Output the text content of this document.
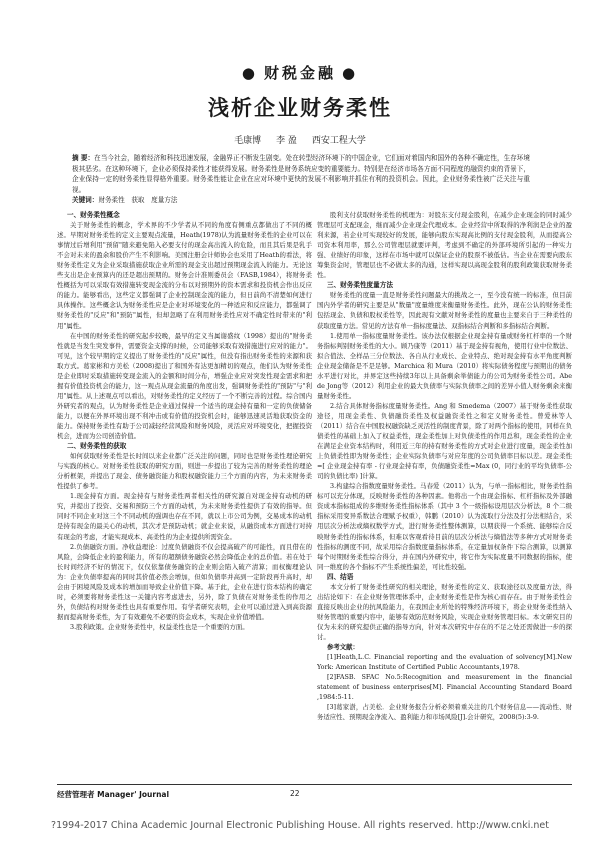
● 财税金融 ●
浅析企业财务柔性
毛康博 李 盈 西安工程大学
摘 要：在当今社会，随着经济和科技迅速发展，金融界正不断发生剧变。处在转型经济环境下的中国企业，它们面对着国内和国外的各种不确定性，生存环境极其恶劣。在这种环境下，企业必须保持柔性才能获得发展。财务柔性是财务系统应变的重要能力。特别是在经济市场各方面不同程度的融资约束的背景下，企业保持一定的财务柔性显得格外重要。财务柔性能让企业在应对环境中更快的发展不利影响并抓住有利的投资机会。因此，企业财务柔性被广泛关注与重视。
关键词：财务柔性　获取　度量方法

一、财务柔性概念

关于财务柔性的概念，学术界的不少学者从不同的角度有侧重点都做出了不同的概述。早期对财务柔性的定义主要观点流量，Heath(1978)认为流量财务柔性的企业可以在事情过后增利用"预留"随来避免陷入必要支付的现金高出流入的危险，而且其后果是乳手不会对未来的盈余和股价产生不利影响。美国注册会计师协会也采用了Heath的看法，将财务柔性定义为企业采取措施获取企业所需的现金支出超过预期现金流入的能力。无论这些支出是企业预算内的还是超出预期的。财务会计准则委员会（FASB,1984），将财务柔性概括为可以采取有效措施转变现金流的分布以对预期外的资本需求和投资机会作出反应的能力。能够看出，这些定义都强调了企业控制现金流的能力，但日前尚不清楚如何进行具体操作。这些概念认为财务柔性应是企业对环境变化的一种适应和反应能力，都强调了财务柔性的"反应"和"预防"属性，但却忽略了在利用财务柔性应对不确定性时带来的"利用"属性。

在中国的财务柔性的研究起步较晚，最早的定义当属谢盛纹（1998）提出的"财务柔性就是当发生突发事件，需要资金支撑的时候，公司能够采取有效措施进行应对的能力"。可见，这个较早期的定义提出了财务柔性的"反应"属性，但没有指出财务柔性的来源和获取方式。葛家彬和方美松（2008)提出了和国外有达更加精切的观点，他们认为财务柔性是企业即时采取措施转变现金流入的金额和时间分布，增强企业应对突发性现金需求和把握有价值投资机会的能力，这一观点从现金流量的角度出发，强调财务柔性的"预防"与"利用"属性。从上述观点可以看出，对财务柔性的定义经历了一个不断完善的过程。综合国内外研究者的观点，认为财务柔性是企业通过保持一个适当的现金持有量和一定的负债储备能力，以便在外界环境出现不利冲击或有价值的投资机会时，能够迅速灵活地获取资金的能力。保持财务柔性有助于公司减轻经营风险和财务风险，灵活应对环境变化，把握投资机会，进而为公司创造价值。

二、财务柔性的获取

如何获取财务柔性是长时间以来企业都广泛关注的问题，同时也是财务柔性理论研究与实践的核心。对财务柔性获取的研究方面，则进一步提出了较为完善的财务柔性的理论分析框架，并提出了现金、债务融资能力和股权融资能力三个方面的内容，为未来财务柔性提供了参考。

1.现金持有方面。现金持有与财务柔性两者相关性的研究源自对现金持有动机的研究，并提出了投资、交易和预防三个方面的动机，为未来财务柔性提供了有效的指导。但同时不同企业对这三个不同动机的强调也存在不同，就以上市公司为例，交易成本的动机是持有现金的最关心的动机，其次才是预防动机；就企业来说，从融资成本方面进行对持有现金的考虑，才能实现成本、高柔性的为企业提供所需资金。

2.负债融资方面。净收益理论：过度负债融资不仅会提高破产的可能性，而且借在的风险，会降低企业的盈利能力，所有的超额债务融资必然会降低企业的总价值。若在处于长时间经济不好的情况下，仅仅依靠债务融资的企业则会陷入破产清算；而权衡理论认为：企业负债率提高的同时其价值必然会增加，但如负债率并高到一定阶段再升高时，却会由于困境风险及成本的增加而导致企业价值下降。基于此，企业在进行资本结构的确定时，必须要将财务柔性这一关键内容考虑进去，另外，除了负债在对财务柔性的作用之外，负债结构对财务柔性也具有重要作用。有学者研究表明，企业可以通过进入到高资源据而提高财务柔性，为了有效避免不必要的资金成本，实现企业价值增值。

3.股利政策。企业财务柔性中，权益柔性也是一个重要的方面。

股利支付获取财务柔性的机理为：对股东支付现金股利，在减少企业现金的同时减少管理层可支配现金，继而减少企业现金代理成本。企业经营中所取得的净利润是企业的盈利来源，若企业可实现较好的发展，能够向股东实现高比例的支付现金股利，从而提高公司资本利用率，那么公司管理层就要评判，考虑到不确定的外部环境所引起的一种实力强、业绩好的印象，这样在市场中就可以保证企业的股票不被低估。当企业在需要向股东筹集资金时，管理层也不必做太多的沟通，这样实现以高现金股利的股利政策获取财务柔性。

三、财务柔性度量方法

财务柔性的度量一直是财务柔性问题最大的挑战之一，至今没有统一的标准，但目前国内外学者的研究主要是从"数量"度量维度来衡量财务柔性。此外，现在公认的财务柔性包括现金、负债和股权柔性等，因此现有文献对财务柔性的度量也主要来自于三种柔性的获取度量方法。常见的方法有单一指标度量法、双指标结合判断和多指标结合判断。

1.使用单一指标度量财务柔性。该办法仅根据企业现金持有量或财务杠杆率的一个财务指标判别财务柔性的大小。顾乃康等（2011）基于现金持有视角，使用行业中位数法、拟合值法、全样品三分位数法、各自从行业成长、企业特点、绝对现金持有水平角度判断企业现金储备是不是足够。Marchica 和 Mura（2010）将实际债务程度与预期出的债务水平进行对比，并界定这些持续3年以上具备剩余举债能力的公司为财务柔性公司。Abe de Jong等（2012）利用企业的最大负债率与实际负债率之间的差异小值人财务剩余来衡量财务柔性。

2.结合具体财务指标度量财务柔性。Ang 和 Smedema（2007）基于财务柔性获取途径，用现金柔性、负债融资柔性及权益融资柔性之和定义财务柔性。曾爱林等人（2011）结合在中国股权融资缺乏灵活性的制度背景，除了对两个指标的使用，同样在负债柔性的基础上加入了权益柔性，现金柔性加上对负债柔性的作用总和，现金柔性的企业在满足企业资本结构时，利用近三年的持有财务柔性的方式对企业进行度量，现金柔性加上负债柔性即为财务柔性；企业实际负债率与对应年度的公司负债率目标以差。现金柔性 =[ 企业现金持有率 - 行业现金持有率，负债融资柔性=Max (0，同行业的平均负债率-公司的负债比率) ]计算。

3.构建综合指数度量财务柔性。马春爱（2011）认为，与单一指标相比，财务柔性指标可以充分体现，反映财务柔性的各种因素。他将出一个由现金指标、杠杆指标及外部融资成本指标组成的多维财务柔性指标体系（其中 3 个一级指标设用层次分析法，8 个二级指标采用变异系数法合理赋予权重），韩鹏（2010）认为流取行分法及打分法相结合，采用层次分析法或熵权数学方式，进行财务柔性整体测算，以期获得一个系统、能够综合反映财务柔性的指标体系，但难以客观看待目前的层次分析法与熵值法等多种方式对财务柔性指标的测度不同，故采用综合指数度量指标体系，在定量加权条件下综合测算，以测算每个时期财务柔性综合得分，并在国内外研究中，将它作为实际度量不同数据的指标，使同一维度的各个指标不产生系统性偏差，可比性较强。

四、结语

本文分析了财务柔性研究的相关理论，财务柔性的定义、获取途径以及度量方法，得出结论如下：在企业财务管理体系中，企业财务柔性是作为核心而存在。由于财务柔性会直接反映出企业的抗风险能力，在我国企业所处的特殊经济环境下，将企业财务柔性纳入财务管理的重要内容中，能够有效防范财务风险，实现企业财务管理目标。本文研究目的仅为未来的研究提供正确的指导方向，针对本次研究中存在的不足之处还需做进一步的探讨。

参考文献：

[1]Heath,L.C. Financial reporting and the evaluation of solvency[M].New York: American Institute of Certified Public Accountants,1978.

[2]FASB. SFAC No.5:Recognition and measurement in the financial statement of business enterprises[M]. Financial Accounting Standard Board ,1984:5-11.

[3]葛家澍，占美松．企业财务报告分析必须着重关注的几个财务信息——流动性、财务适应性、预期现金净流入、盈利能力和市场风险[J].会计研究，2008(5):3-9.

经营管理者 Manager' Journal	22
?1994-2017 China Academic Journal Electronic Publishing House. All rights reserved. http://www.cnki.net
